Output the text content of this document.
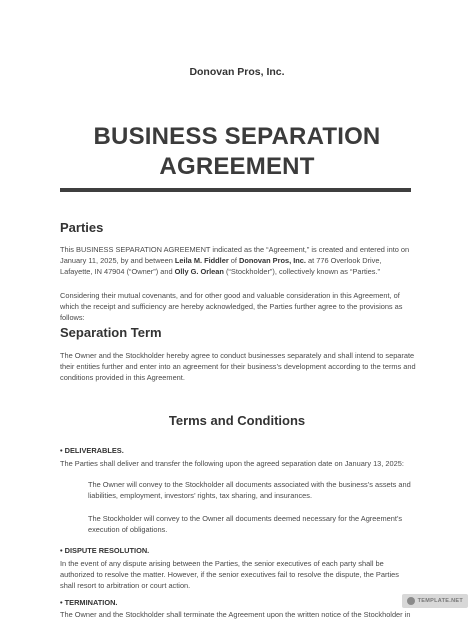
Donovan Pros, Inc.
BUSINESS SEPARATION
AGREEMENT
Parties
This BUSINESS SEPARATION AGREEMENT indicated as the “Agreement,” is created and entered into on January 11, 2025, by and between Leila M. Fiddler of Donovan Pros, Inc. at 776 Overlook Drive, Lafayette, IN 47904 (“Owner”) and Olly G. Orlean (“Stockholder”), collectively known as “Parties.”
Considering their mutual covenants, and for other good and valuable consideration in this Agreement, of which the receipt and sufficiency are hereby acknowledged, the Parties further agree to the provisions as follows:
Separation Term
The Owner and the Stockholder hereby agree to conduct businesses separately and shall intend to separate their entities further and enter into an agreement for their business’s development according to the terms and conditions provided in this Agreement.
Terms and Conditions
• DELIVERABLES.
The Parties shall deliver and transfer the following upon the agreed separation date on January 13, 2025:
The Owner will convey to the Stockholder all documents associated with the business’s assets and liabilities, employment, investors’ rights, tax sharing, and insurances.
The Stockholder will convey to the Owner all documents deemed necessary for the Agreement’s execution of obligations.
• DISPUTE RESOLUTION.
In the event of any dispute arising between the Parties, the senior executives of each party shall be authorized to resolve the matter. However, if the senior executives fail to resolve the dispute, the Parties shall resort to arbitration or court action.
• TERMINATION.
The Owner and the Stockholder shall terminate the Agreement upon the written notice of the Stockholder in
TEMPLATE.NET
